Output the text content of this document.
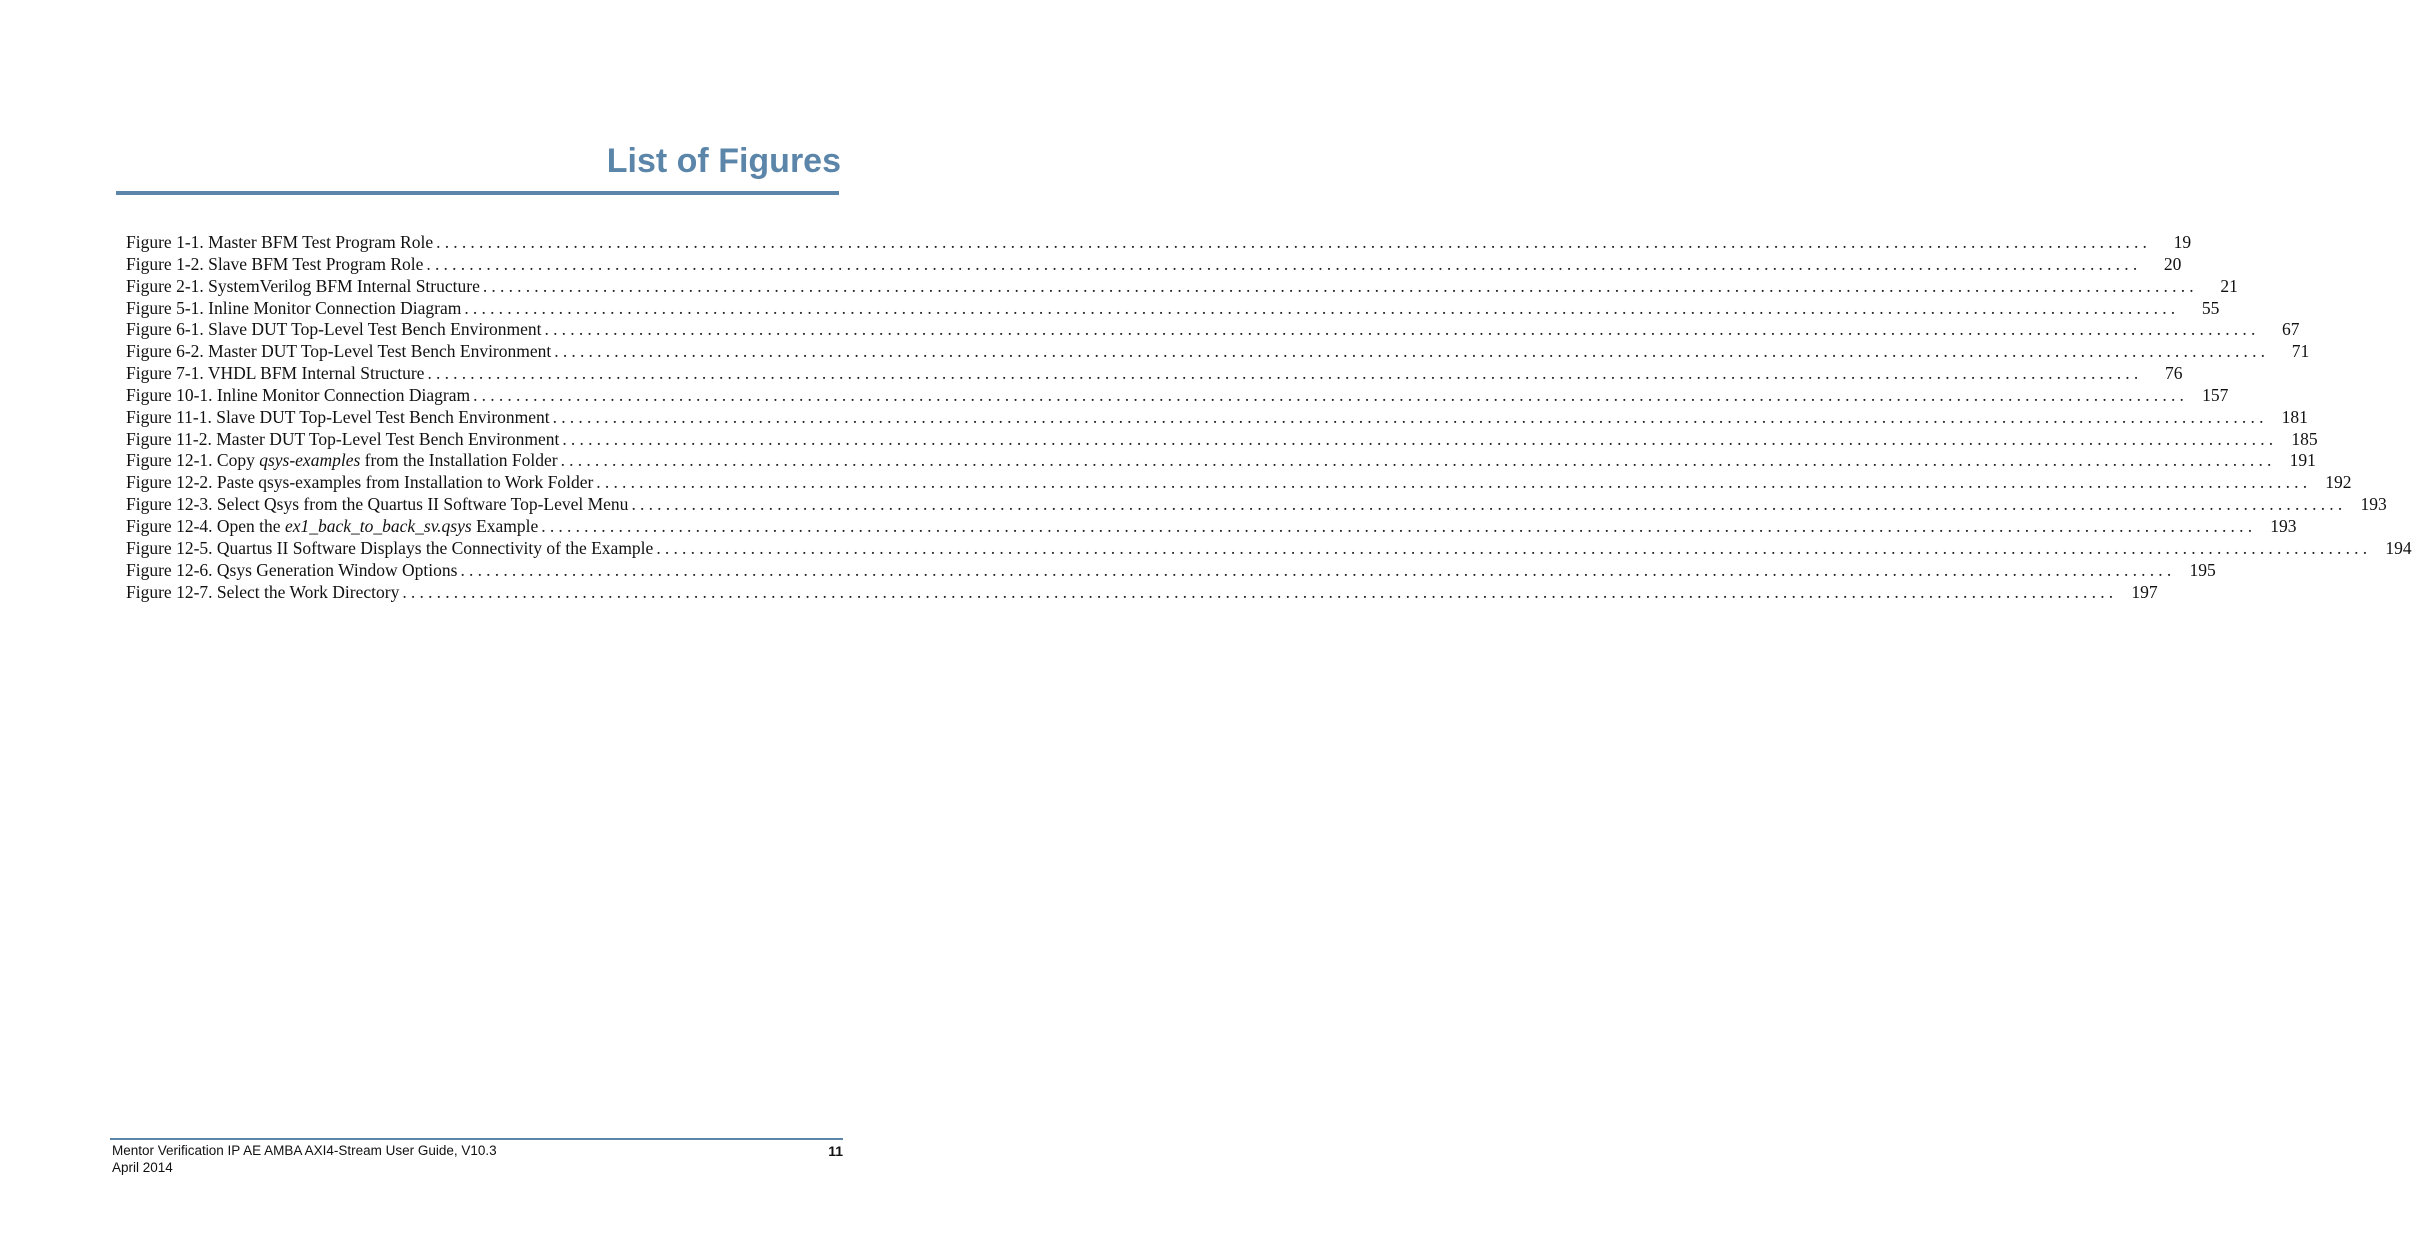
List of Figures
Figure 1-1. Master BFM Test Program Role ........................................................................................................................................................................................................	19
Figure 1-2. Slave BFM Test Program Role ........................................................................................................................................................................................................	20
Figure 2-1. SystemVerilog BFM Internal Structure ........................................................................................................................................................................................................	21
Figure 5-1. Inline Monitor Connection Diagram ........................................................................................................................................................................................................	55
Figure 6-1. Slave DUT Top-Level Test Bench Environment ........................................................................................................................................................................................................	67
Figure 6-2. Master DUT Top-Level Test Bench Environment ........................................................................................................................................................................................................	71
Figure 7-1. VHDL BFM Internal Structure ........................................................................................................................................................................................................	76
Figure 10-1. Inline Monitor Connection Diagram ........................................................................................................................................................................................................ 157
Figure 11-1. Slave DUT Top-Level Test Bench Environment ........................................................................................................................................................................................................ 181
Figure 11-2. Master DUT Top-Level Test Bench Environment ........................................................................................................................................................................................................ 185
Figure 12-1. Copy qsys-examples from the Installation Folder ........................................................................................................................................................................................................ 191
Figure 12-2. Paste qsys-examples from Installation to Work Folder ........................................................................................................................................................................................................ 192
Figure 12-3. Select Qsys from the Quartus II Software Top-Level Menu ........................................................................................................................................................................................................ 193
Figure 12-4. Open the ex1_back_to_back_sv.qsys Example ........................................................................................................................................................................................................ 193
Figure 12-5. Quartus II Software Displays the Connectivity of the Example ........................................................................................................................................................................................................ 194
Figure 12-6. Qsys Generation Window Options ........................................................................................................................................................................................................ 195
Figure 12-7. Select the Work Directory ........................................................................................................................................................................................................ 197
Mentor Verification IP AE AMBA AXI4-Stream User Guide, V10.3
April 2014
11
